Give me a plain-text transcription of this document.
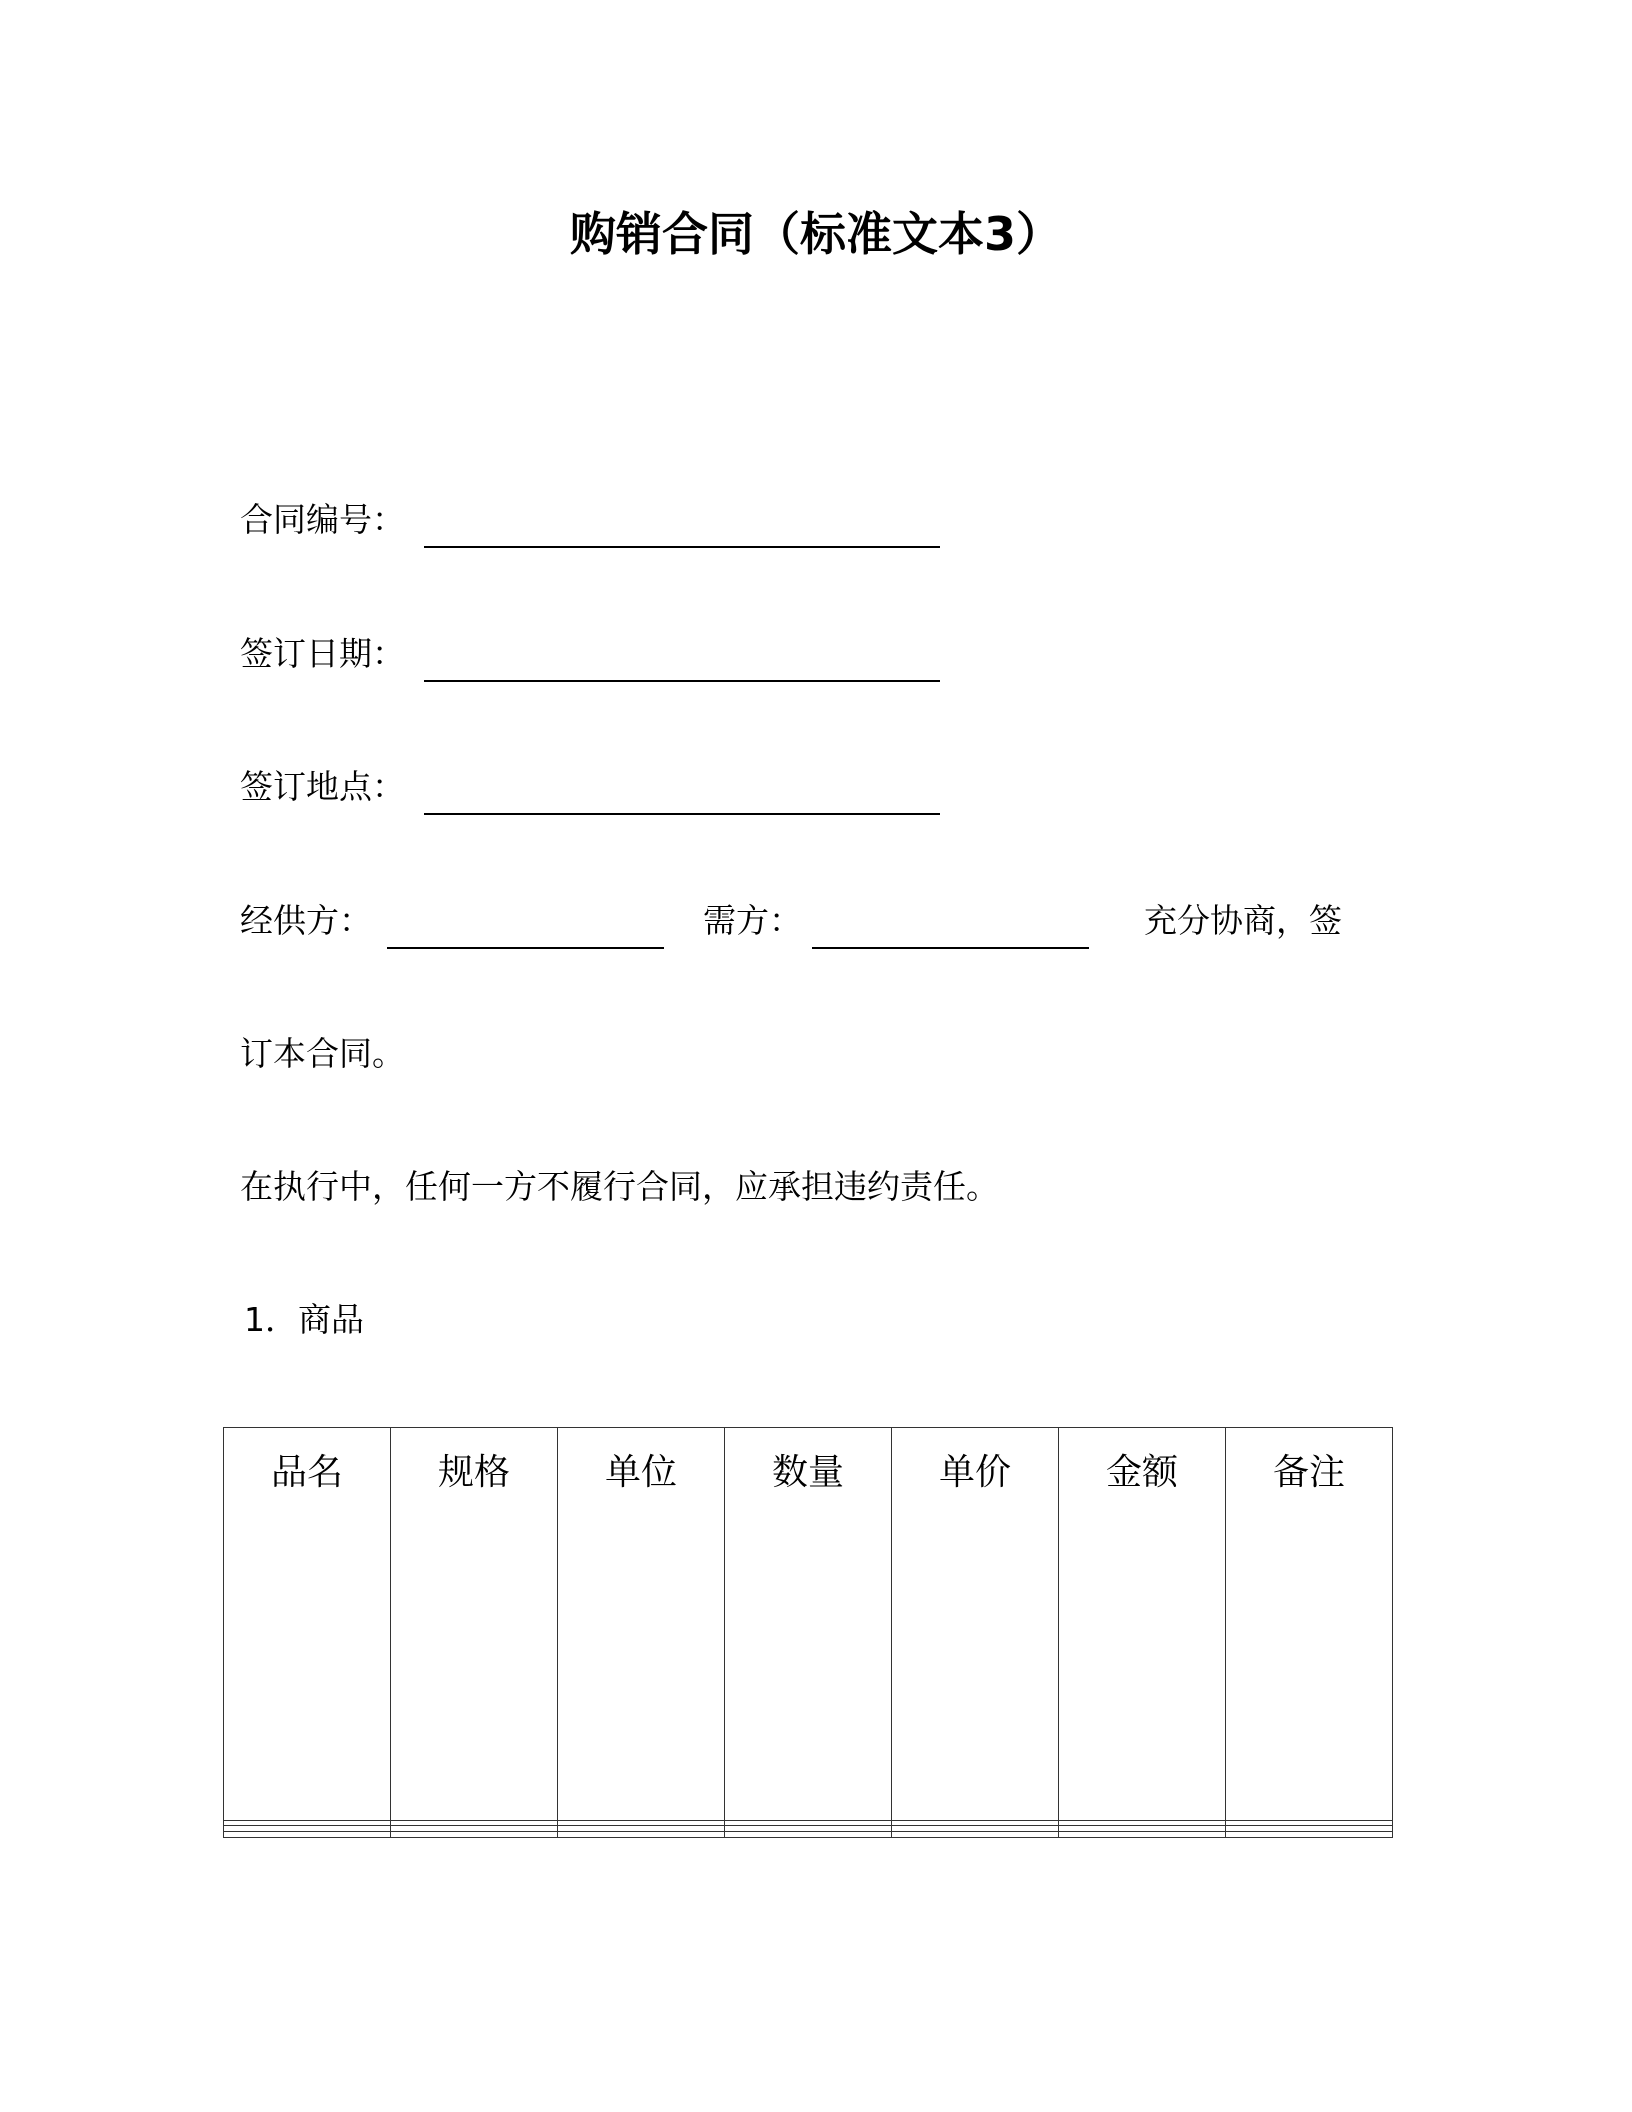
购销合同（标准文本3）
合同编号：
签订日期：
签订地点：
经供方：	需方：	充分协商，签
订本合同。
在执行中，任何一方不履行合同，应承担违约责任。
1．商品
品名	规格	单位	数量	单价	金额	备注
